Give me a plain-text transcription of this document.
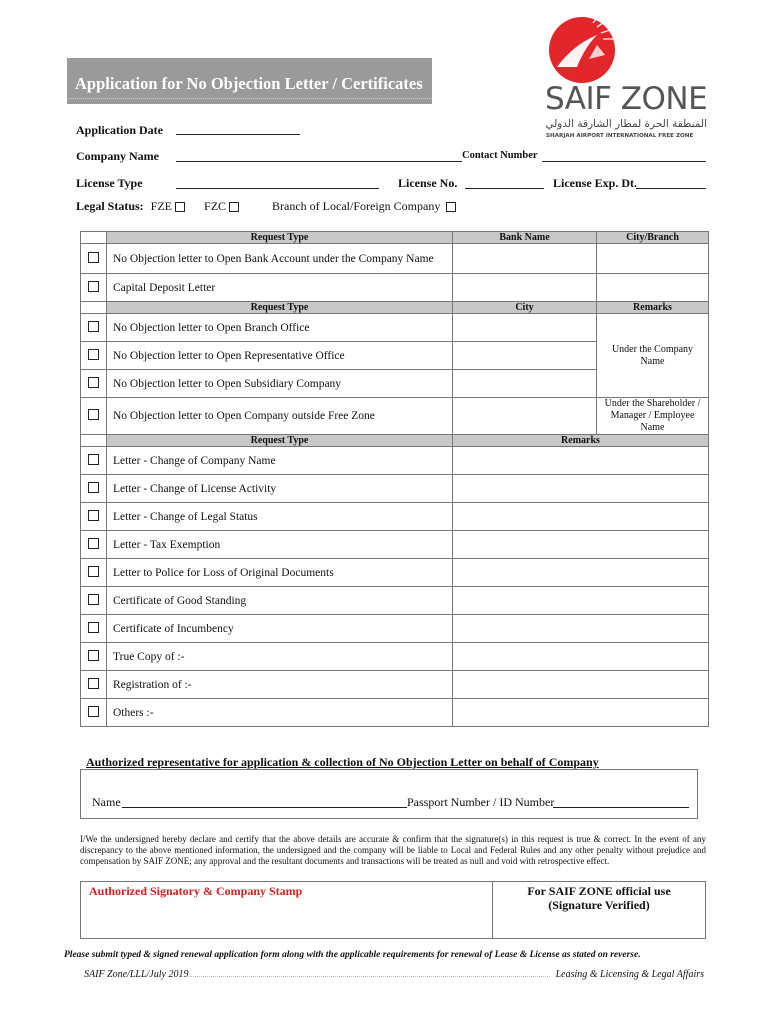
Application for No Objection Letter / Certificates	SAIF ZONE
المنطقة الحرة لمطار الشارقة الدولي
SHARJAH AIRPORT INTERNATIONAL FREE ZONE
Application Date
Company Name	Contact Number
License Type	License No.	License Exp. Dt.
Legal Status: FZE	FZC	Branch of Local/Foreign Company
	Request Type	Bank Name	City/Branch
	No Objection letter to Open Bank Account under the Company Name		
	Capital Deposit Letter		
	Request Type	City	Remarks
	No Objection letter to Open Branch Office		Under the Company Name
	No Objection letter to Open Representative Office		
	No Objection letter to Open Subsidiary Company		
	No Objection letter to Open Company outside Free Zone		Under the Shareholder / Manager / Employee Name
	Request Type	Remarks	
	Letter - Change of Company Name		
	Letter - Change of License Activity		
	Letter - Change of Legal Status		
	Letter - Tax Exemption		
	Letter to Police for Loss of Original Documents		
	Certificate of Good Standing		
	Certificate of Incumbency		
	True Copy of :-		
	Registration of :-		
	Others :-		
Authorized representative for application & collection of No Objection Letter on behalf of Company
Name	Passport Number / ID Number
I/We the undersigned hereby declare and certify that the above details are accurate & confirm that the signature(s) in this request is true & correct. In the event of any discrepancy to the above mentioned information, the undersigned and the company will be liable to Local and Federal Rules and any other penalty without prejudice and compensation by SAIF ZONE; any approval and the resultant documents and transactions will be treated as null and void with retrospective effect.
Authorized Signatory & Company Stamp	For SAIF ZONE official use
(Signature Verified)
Please submit typed & signed renewal application form along with the applicable requirements for renewal of Lease & License as stated on reverse.
SAIF Zone/LLL/July 2019	Leasing & Licensing & Legal Affairs
